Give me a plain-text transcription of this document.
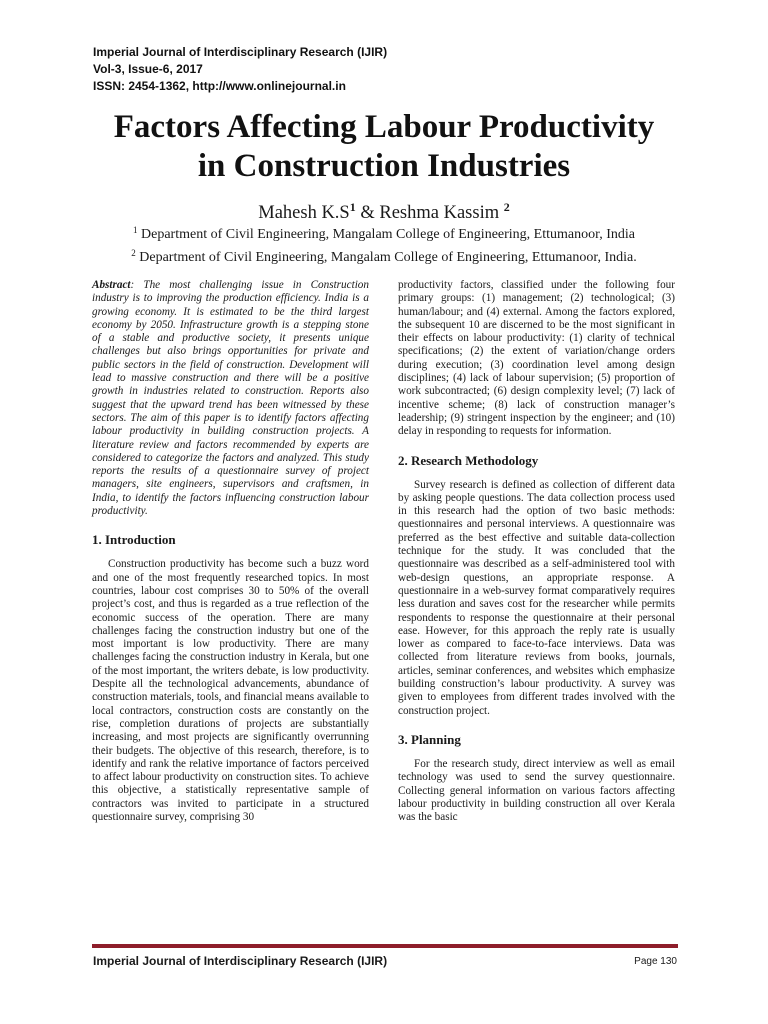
Imperial Journal of Interdisciplinary Research (IJIR)
Vol-3, Issue-6, 2017
ISSN: 2454-1362, http://www.onlinejournal.in
Factors Affecting Labour Productivity
in Construction Industries
Mahesh $K.S^1$ & Reshma Kassim $^2$
$^1$ Department of Civil Engineering, Mangalam College of Engineering, Ettumanoor, India
$^2$ Department of Civil Engineering, Mangalam College of Engineering, Ettumanoor, India.

Abstract: The most challenging issue in Construction industry is to improving the production efficiency. India is a growing economy. It is estimated to be the third largest economy by 2050. Infrastructure growth is a stepping stone of a stable and productive society, it presents unique challenges but also brings opportunities for private and public sectors in the field of construction. Development will lead to massive construction and there will be a positive growth in industries related to construction. Reports also suggest that the upward trend has been witnessed by these sectors. The aim of this paper is to identify factors affecting labour productivity in building construction projects. A literature review and factors recommended by experts are considered to categorize the factors and analyzed. This study reports the results of a questionnaire survey of project managers, site engineers, supervisors and craftsmen, in India, to identify the factors influencing construction labour productivity.

1. Introduction

Construction productivity has become such a buzz word and one of the most frequently researched topics. In most countries, labour cost comprises 30 to 50% of the overall project’s cost, and thus is regarded as a true reflection of the economic success of the operation. There are many challenges facing the construction industry but one of the most important is low productivity. There are many challenges facing the construction industry in Kerala, but one of the most important, the writers debate, is low productivity. Despite all the technological advancements, abundance of construction materials, tools, and financial means available to local contractors, construction costs are constantly on the rise, completion durations of projects are substantially increasing, and most projects are significantly overrunning their budgets. The objective of this research, therefore, is to identify and rank the relative importance of factors perceived to affect labour productivity on construction sites. To achieve this objective, a statistically representative sample of contractors was invited to participate in a structured questionnaire survey, comprising 30

productivity factors, classified under the following four primary groups: (1) management; (2) technological; (3) human/labour; and (4) external. Among the factors explored, the subsequent 10 are discerned to be the most significant in their effects on labour productivity: (1) clarity of technical specifications; (2) the extent of variation/change orders during execution; (3) coordination level among design disciplines; (4) lack of labour supervision; (5) proportion of work subcontracted; (6) design complexity level; (7) lack of incentive scheme; (8) lack of construction manager’s leadership; (9) stringent inspection by the engineer; and (10) delay in responding to requests for information.

2. Research Methodology

Survey research is defined as collection of different data by asking people questions. The data collection process used in this research had the option of two basic methods: questionnaires and personal interviews. A questionnaire was preferred as the best effective and suitable data-collection technique for the study. It was concluded that the questionnaire was described as a self-administered tool with web-design questions, an appropriate response. A questionnaire in a web-survey format comparatively requires less duration and saves cost for the researcher while permits respondents to response the questionnaire at their personal ease. However, for this approach the reply rate is usually lower as compared to face-to-face interviews. Data was collected from literature reviews from books, journals, articles, seminar conferences, and websites which emphasize building construction’s labour productivity. A survey was given to employees from different trades involved with the construction project.

3. Planning

For the research study, direct interview as well as email technology was used to send the survey questionnaire. Collecting general information on various factors affecting labour productivity in building construction all over Kerala was the basic

Imperial Journal of Interdisciplinary Research (IJIR)	Page 130
